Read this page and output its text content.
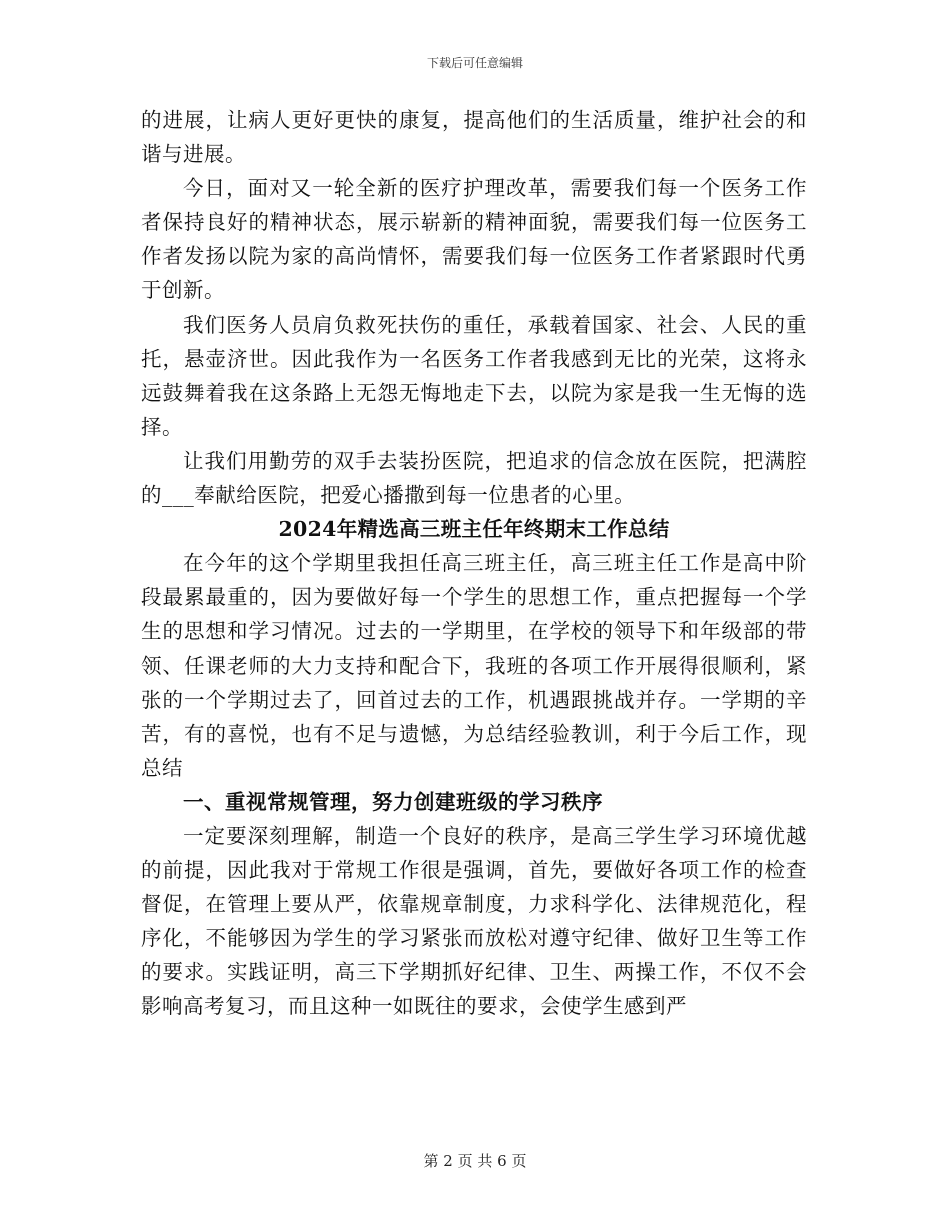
下载后可任意编辑

的进展，让病人更好更快的康复，提高他们的生活质量，维护社会的和谐与进展。

今日，面对又一轮全新的医疗护理改革，需要我们每一个医务工作者保持良好的精神状态，展示崭新的精神面貌，需要我们每一位医务工作者发扬以院为家的高尚情怀，需要我们每一位医务工作者紧跟时代勇于创新。

我们医务人员肩负救死扶伤的重任，承载着国家、社会、人民的重托，悬壶济世。因此我作为一名医务工作者我感到无比的光荣，这将永远鼓舞着我在这条路上无怨无悔地走下去，以院为家是我一生无悔的选择。

让我们用勤劳的双手去装扮医院，把追求的信念放在医院，把满腔的___奉献给医院，把爱心播撒到每一位患者的心里。

2024年精选高三班主任年终期末工作总结

在今年的这个学期里我担任高三班主任，高三班主任工作是高中阶段最累最重的，因为要做好每一个学生的思想工作，重点把握每一个学生的思想和学习情况。过去的一学期里，在学校的领导下和年级部的带领、任课老师的大力支持和配合下，我班的各项工作开展得很顺利，紧张的一个学期过去了，回首过去的工作，机遇跟挑战并存。一学期的辛苦，有的喜悦，也有不足与遗憾，为总结经验教训，利于今后工作，现总结

一、重视常规管理，努力创建班级的学习秩序

一定要深刻理解，制造一个良好的秩序，是高三学生学习环境优越的前提，因此我对于常规工作很是强调，首先，要做好各项工作的检查督促，在管理上要从严，依靠规章制度，力求科学化、法律规范化，程序化，不能够因为学生的学习紧张而放松对遵守纪律、做好卫生等工作的要求。实践证明，高三下学期抓好纪律、卫生、两操工作，不仅不会影响高考复习，而且这种一如既往的要求，会使学生感到严

第 2 页 共 6 页
